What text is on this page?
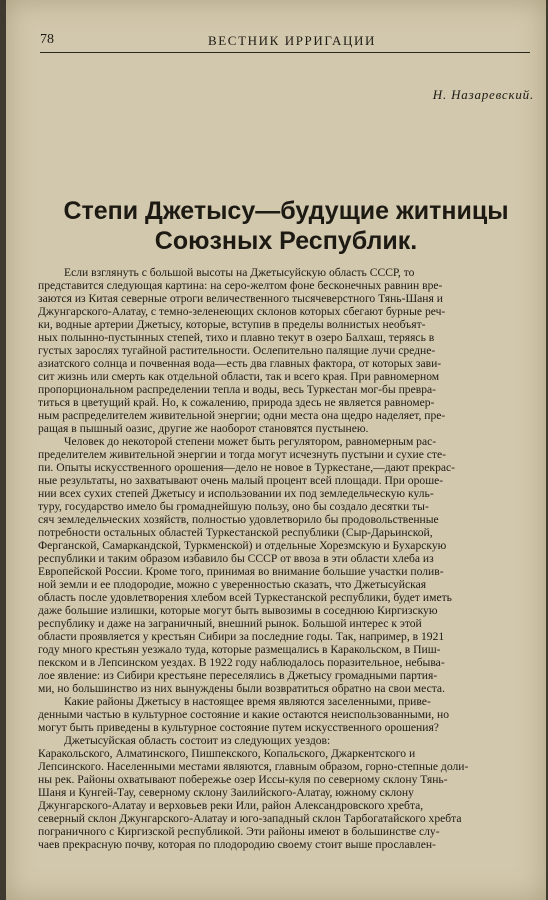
78	ВЕСТНИК ИРРИГАЦИИ
Н. Назаревский.
Степи Джетысу—будущие житницы
Союзных Республик.
Если взглянуть с большой высоты на Джетысуйскую область СССР, то
представится следующая картина: на серо-желтом фоне бесконечных равнин вре-
заются из Китая северные отроги величественного тысячеверстного Тянь-Шаня и
Джунгарского-Алатау, с темно-зеленеющих склонов которых сбегают бурные реч-
ки, водные артерии Джетысу, которые, вступив в пределы волнистых необъят-
ных полынно-пустынных степей, тихо и плавно текут в озеро Балхаш, теряясь в
густых зарослях тугайной растительности. Ослепительно палящие лучи средне-
азиатского солнца и почвенная вода—есть два главных фактора, от которых зави-
сит жизнь или смерть как отдельной области, так и всего края. При равномерном
пропорциональном распределении тепла и воды, весь Туркестан мог-бы превра-
титься в цветущий край. Но, к сожалению, природа здесь не является равномер-
ным распределителем живительной энергии; одни места она щедро наделяет, пре-
ращая в пышный оазис, другие же наоборот становятся пустынею.
Человек до некоторой степени может быть регулятором, равномерным рас-
пределителем живительной энергии и тогда могут исчезнуть пустыни и сухие сте-
пи. Опыты искусственного орошения—дело не новое в Туркестане,—дают прекрас-
ные результаты, но захватывают очень малый процент всей площади. При ороше-
нии всех сухих степей Джетысу и использовании их под земледельческую куль-
туру, государство имело бы громаднейшую пользу, оно бы создало десятки ты-
сяч земледельческих хозяйств, полностью удовлетворило бы продовольственные
потребности остальных областей Туркестанской республики (Сыр-Дарьинской,
Ферганской, Самаркандской, Туркменской) и отдельные Хорезмскую и Бухарскую
республики и таким образом избавило бы СССР от ввоза в эти области хлеба из
Европейской России. Кроме того, принимая во внимание большие участки полив-
ной земли и ее плодородие, можно с уверенностью сказать, что Джетысуйская
область после удовлетворения хлебом всей Туркестанской республики, будет иметь
даже большие излишки, которые могут быть вывозимы в соседнюю Киргизскую
республику и даже на заграничный, внешний рынок. Большой интерес к этой
области проявляется у крестьян Сибири за последние годы. Так, например, в 1921
году много крестьян уезжало туда, которые размещались в Каракольском, в Пиш-
пекском и в Лепсинском уездах. В 1922 году наблюдалось поразительное, небыва-
лое явление: из Сибири крестьяне переселялись в Джетысу громадными партия-
ми, но большинство из них вынуждены были возвратиться обратно на свои места.
Какие районы Джетысу в настоящее время являются заселенными, приве-
денными частью в культурное состояние и какие остаются неиспользованными, но
могут быть приведены в культурное состояние путем искусственного орошения?
Джетысуйская область состоит из следующих уездов:
Каракольского, Алматинского, Пишпекского, Копальского, Джаркентского и
Лепсинского. Населенными местами являются, главным образом, горно-степные доли-
ны рек. Районы охватывают побережье озер Иссы-куля по северному склону Тянь-
Шаня и Кунгей-Тау, северному склону Заилийского-Алатау, южному склону
Джунгарского-Алатау и верховьев реки Или, район Александровского хребта,
северный склон Джунгарского-Алатау и юго-западный склон Тарбогатайского хребта
пограничного с Киргизской республикой. Эти районы имеют в большинстве слу-
чаев прекрасную почву, которая по плодородию своему стоит выше прославлен-
